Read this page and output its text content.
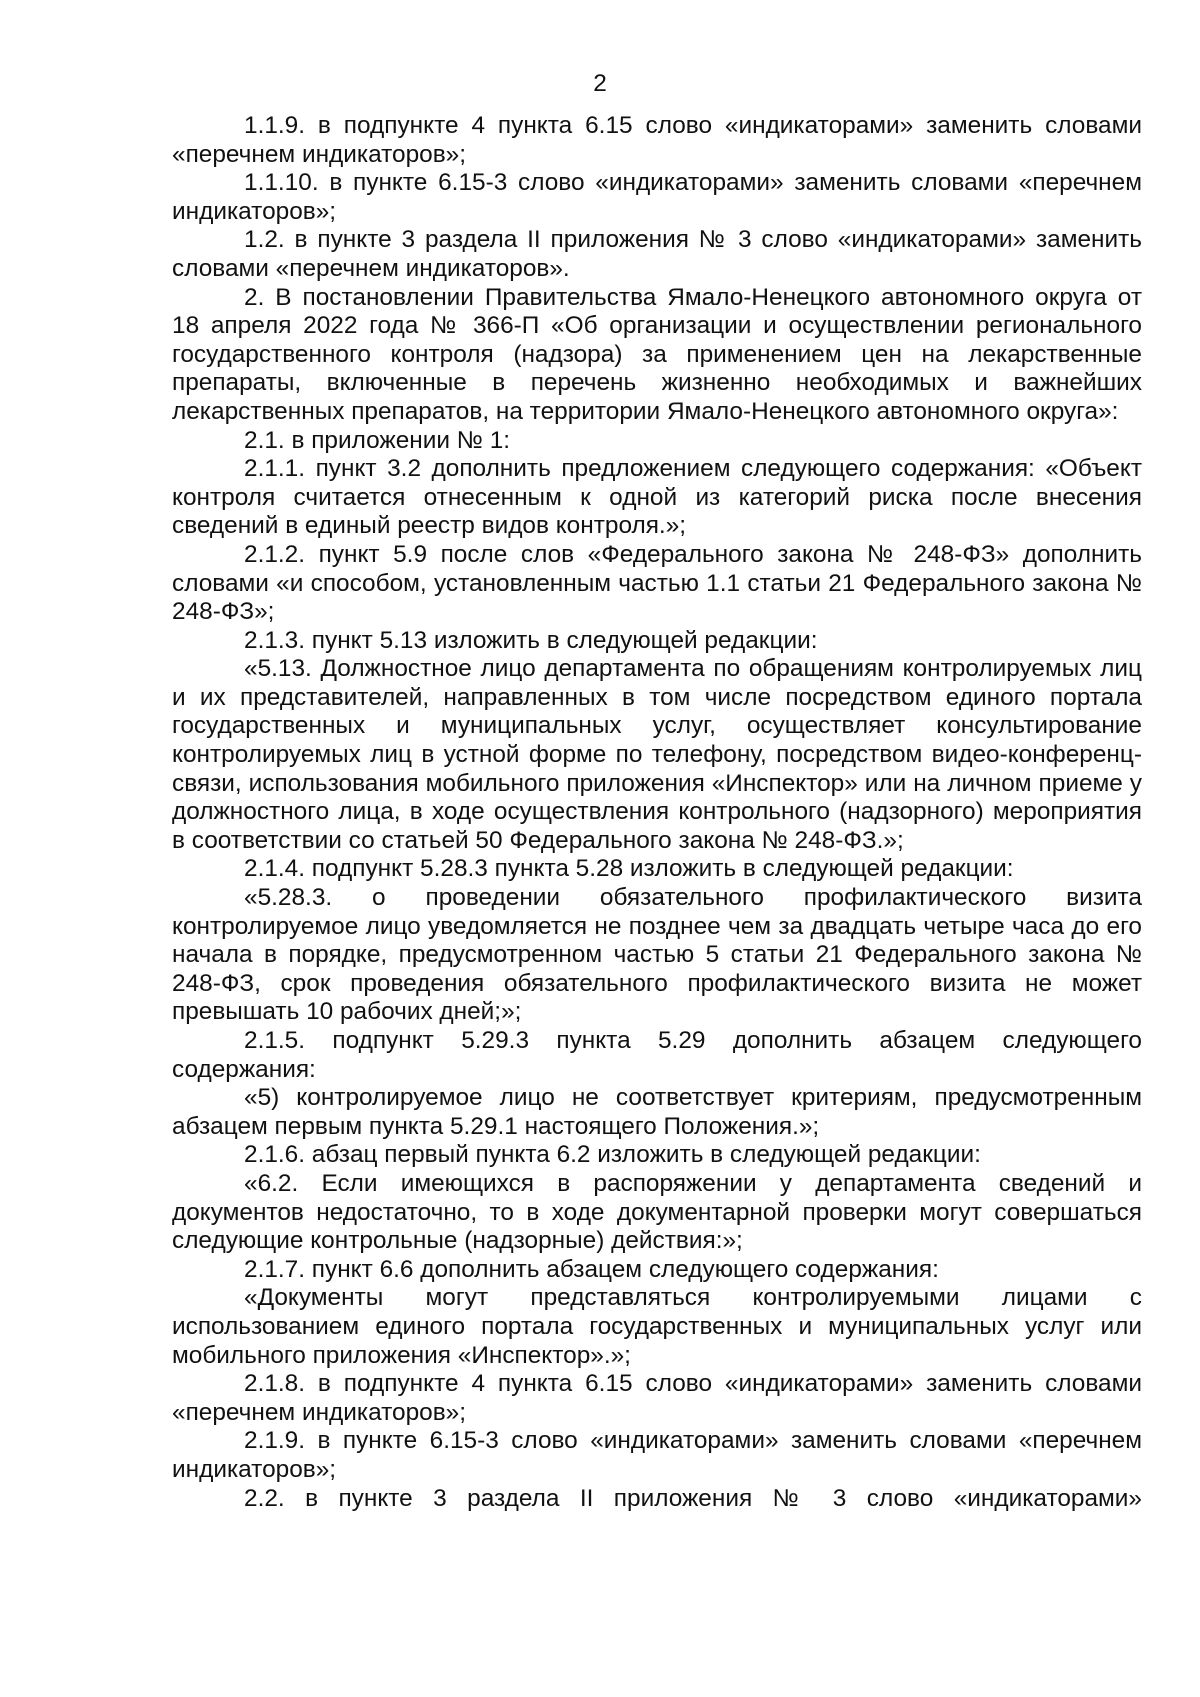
2

1.1.9. в подпункте 4 пункта 6.15 слово «индикаторами» заменить словами «перечнем индикаторов»;

1.1.10. в пункте 6.15-3 слово «индикаторами» заменить словами «перечнем индикаторов»;

1.2. в пункте 3 раздела II приложения № 3 слово «индикаторами» заменить словами «перечнем индикаторов».

2. В постановлении Правительства Ямало-Ненецкого автономного округа от 18 апреля 2022 года № 366-П «Об организации и осуществлении регионального государственного контроля (надзора) за применением цен на лекарственные препараты, включенные в перечень жизненно необходимых и важнейших лекарственных препаратов, на территории Ямало-Ненецкого автономного округа»:

2.1. в приложении № 1:

2.1.1. пункт 3.2 дополнить предложением следующего содержания: «Объект контроля считается отнесенным к одной из категорий риска после внесения сведений в единый реестр видов контроля.»;

2.1.2. пункт 5.9 после слов «Федерального закона № 248-ФЗ» дополнить словами «и способом, установленным частью 1.1 статьи 21 Федерального закона № 248-ФЗ»;

2.1.3. пункт 5.13 изложить в следующей редакции:

«5.13. Должностное лицо департамента по обращениям контролируемых лиц и их представителей, направленных в том числе посредством единого портала государственных и муниципальных услуг, осуществляет консультирование контролируемых лиц в устной форме по телефону, посредством видео-конференц-связи, использования мобильного приложения «Инспектор» или на личном приеме у должностного лица, в ходе осуществления контрольного (надзорного) мероприятия в соответствии со статьей 50 Федерального закона № 248-ФЗ.»;

2.1.4. подпункт 5.28.3 пункта 5.28 изложить в следующей редакции:

«5.28.3. о проведении обязательного профилактического визита контролируемое лицо уведомляется не позднее чем за двадцать четыре часа до его начала в порядке, предусмотренном частью 5 статьи 21 Федерального закона № 248-ФЗ, срок проведения обязательного профилактического визита не может превышать 10 рабочих дней;»;

2.1.5. подпункт 5.29.3 пункта 5.29 дополнить абзацем следующего содержания:

«5) контролируемое лицо не соответствует критериям, предусмотренным абзацем первым пункта 5.29.1 настоящего Положения.»;

2.1.6. абзац первый пункта 6.2 изложить в следующей редакции:

«6.2. Если имеющихся в распоряжении у департамента сведений и документов недостаточно, то в ходе документарной проверки могут совершаться следующие контрольные (надзорные) действия:»;

2.1.7. пункт 6.6 дополнить абзацем следующего содержания:

«Документы могут представляться контролируемыми лицами с использованием единого портала государственных и муниципальных услуг или мобильного приложения «Инспектор».»;

2.1.8. в подпункте 4 пункта 6.15 слово «индикаторами» заменить словами «перечнем индикаторов»;

2.1.9. в пункте 6.15-3 слово «индикаторами» заменить словами «перечнем индикаторов»;

2.2. в пункте 3 раздела II приложения № 3 слово «индикаторами»
